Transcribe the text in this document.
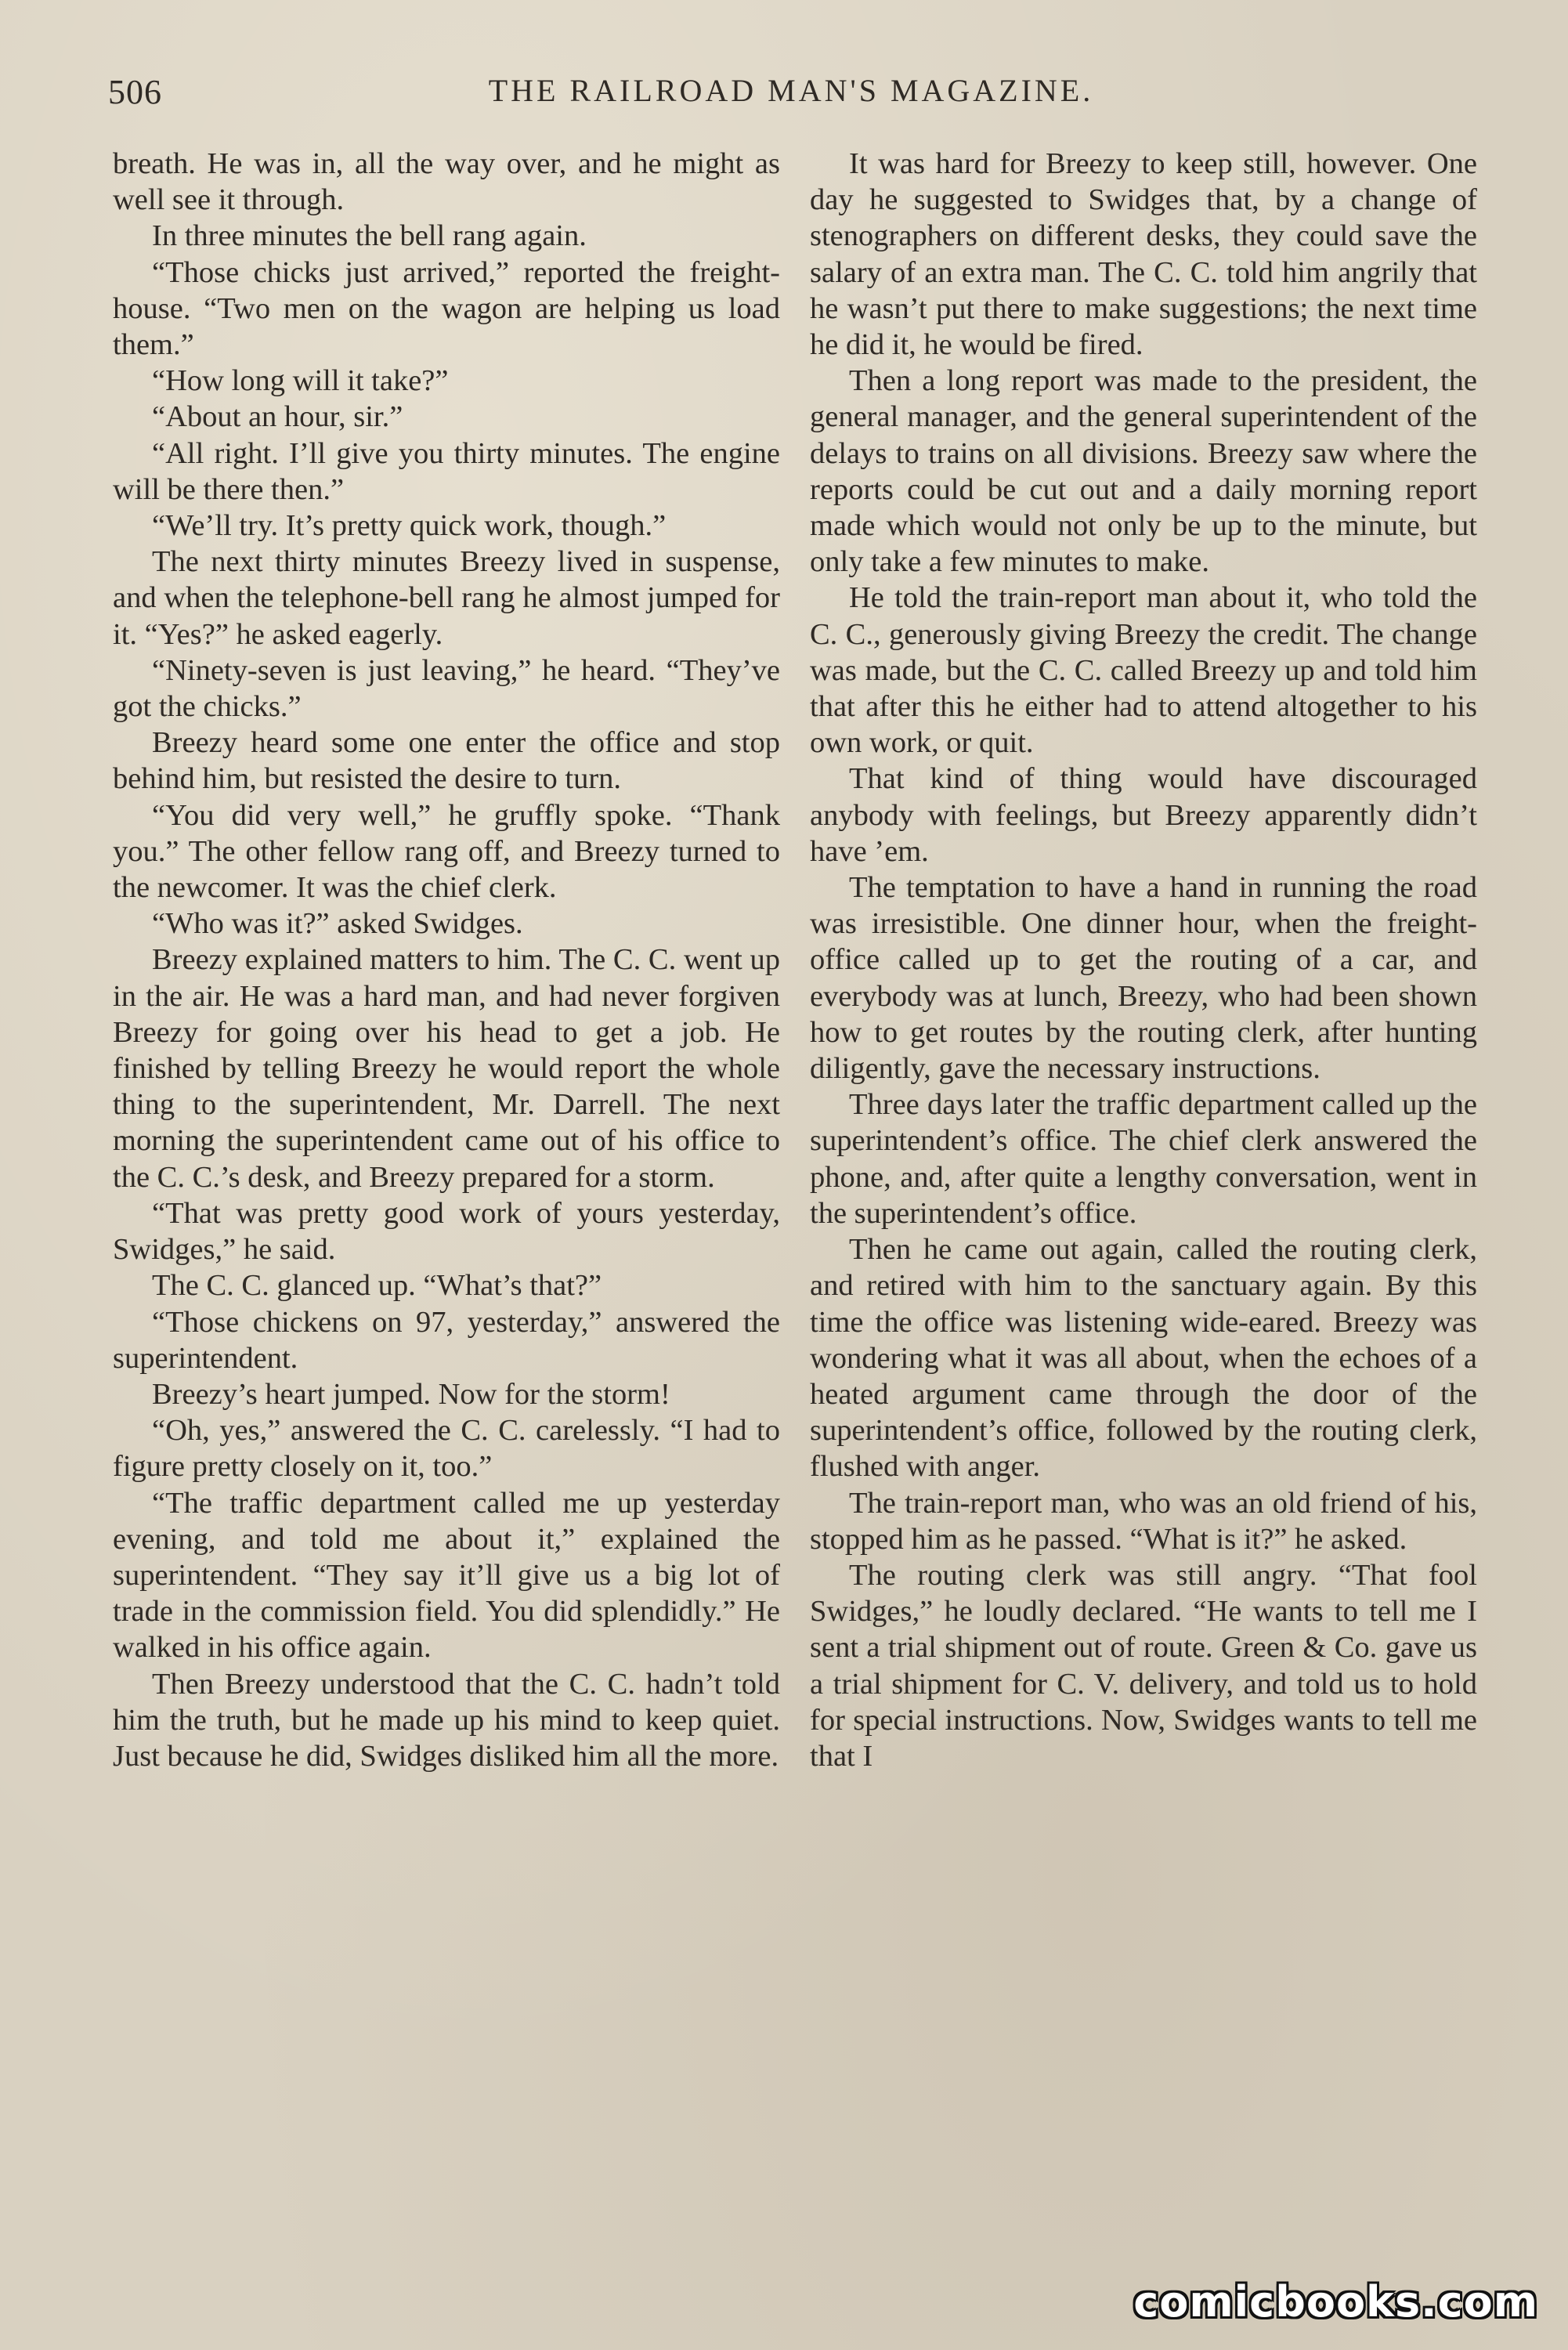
506	THE RAILROAD MAN'S MAGAZINE.

breath. He was in, all the way over, and he might as well see it through.

In three minutes the bell rang again.

“Those chicks just arrived,” reported the freight-house. “Two men on the wagon are helping us load them.”

“How long will it take?”

“About an hour, sir.”

“All right. I’ll give you thirty minutes. The engine will be there then.”

“We’ll try. It’s pretty quick work, though.”

The next thirty minutes Breezy lived in suspense, and when the telephone-bell rang he almost jumped for it. “Yes?” he asked eagerly.

“Ninety-seven is just leaving,” he heard. “They’ve got the chicks.”

Breezy heard some one enter the office and stop behind him, but resisted the desire to turn.

“You did very well,” he gruffly spoke. “Thank you.” The other fellow rang off, and Breezy turned to the newcomer. It was the chief clerk.

“Who was it?” asked Swidges.

Breezy explained matters to him. The C. C. went up in the air. He was a hard man, and had never forgiven Breezy for going over his head to get a job. He finished by telling Breezy he would report the whole thing to the superintendent, Mr. Darrell. The next morning the superintendent came out of his office to the C. C.’s desk, and Breezy prepared for a storm.

“That was pretty good work of yours yesterday, Swidges,” he said.

The C. C. glanced up. “What’s that?”

“Those chickens on 97, yesterday,” answered the superintendent.

Breezy’s heart jumped. Now for the storm!

“Oh, yes,” answered the C. C. carelessly. “I had to figure pretty closely on it, too.”

“The traffic department called me up yesterday evening, and told me about it,” explained the superintendent. “They say it’ll give us a big lot of trade in the commission field. You did splendidly.” He walked in his office again.

Then Breezy understood that the C. C. hadn’t told him the truth, but he made up his mind to keep quiet. Just because he did, Swidges disliked him all the more.

It was hard for Breezy to keep still, however. One day he suggested to Swidges that, by a change of stenographers on different desks, they could save the salary of an extra man. The C. C. told him angrily that he wasn’t put there to make suggestions; the next time he did it, he would be fired.

Then a long report was made to the president, the general manager, and the general superintendent of the delays to trains on all divisions. Breezy saw where the reports could be cut out and a daily morning report made which would not only be up to the minute, but only take a few minutes to make.

He told the train-report man about it, who told the C. C., generously giving Breezy the credit. The change was made, but the C. C. called Breezy up and told him that after this he either had to attend altogether to his own work, or quit.

That kind of thing would have discouraged anybody with feelings, but Breezy apparently didn’t have ’em.

The temptation to have a hand in running the road was irresistible. One dinner hour, when the freight-office called up to get the routing of a car, and everybody was at lunch, Breezy, who had been shown how to get routes by the routing clerk, after hunting diligently, gave the necessary instructions.

Three days later the traffic department called up the superintendent’s office. The chief clerk answered the phone, and, after quite a lengthy conversation, went in the superintendent’s office.

Then he came out again, called the routing clerk, and retired with him to the sanctuary again. By this time the office was listening wide-eared. Breezy was wondering what it was all about, when the echoes of a heated argument came through the door of the superintendent’s office, followed by the routing clerk, flushed with anger.

The train-report man, who was an old friend of his, stopped him as he passed. “What is it?” he asked.

The routing clerk was still angry. “That fool Swidges,” he loudly declared. “He wants to tell me I sent a trial shipment out of route. Green & Co. gave us a trial shipment for C. V. delivery, and told us to hold for special instructions. Now, Swidges wants to tell me that I

comicbooks.com
